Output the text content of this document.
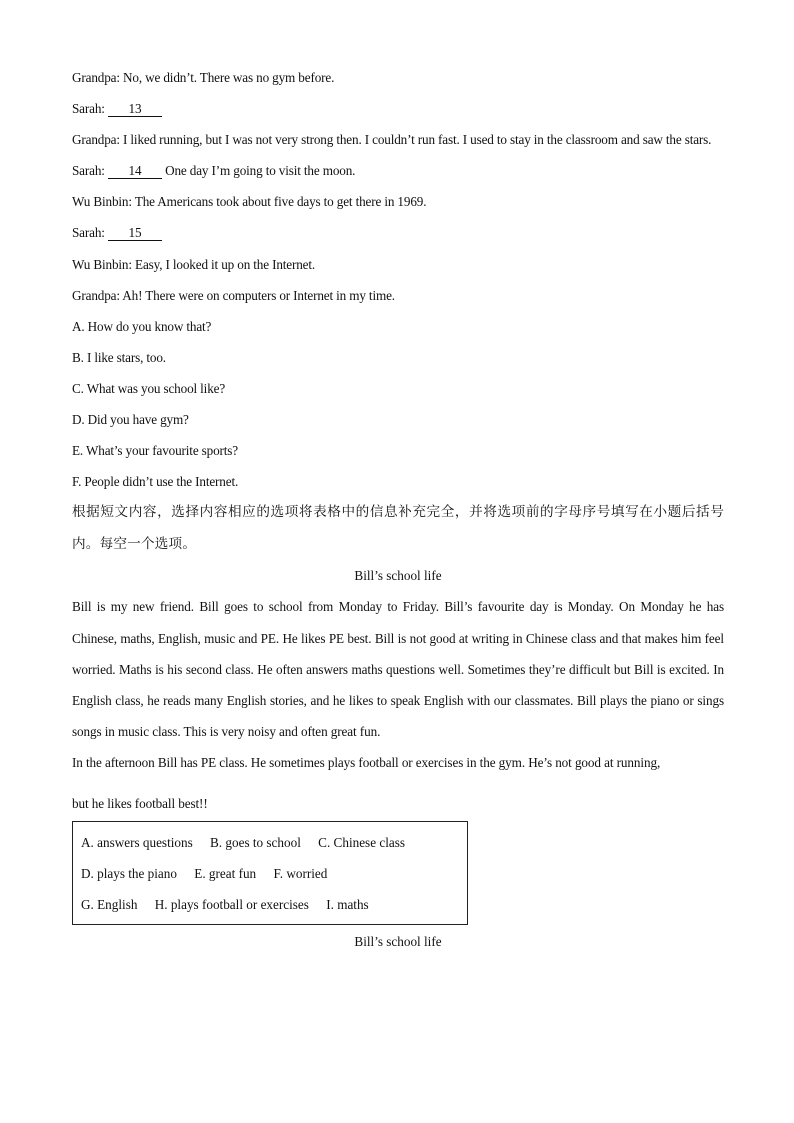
Grandpa: No, we didn’t. There was no gym before.
Sarah: 13
Grandpa: I liked running, but I was not very strong then. I couldn’t run fast. I used to stay in the classroom and saw the stars.
Sarah: 14 One day I’m going to visit the moon.
Wu Binbin: The Americans took about five days to get there in 1969.
Sarah: 15
Wu Binbin: Easy, I looked it up on the Internet.
Grandpa: Ah! There were on computers or Internet in my time.
A. How do you know that?
B. I like stars, too.
C. What was you school like?
D. Did you have gym?
E. What’s your favourite sports?
F. People didn’t use the Internet.
根据短文内容，选择内容相应的选项将表格中的信息补充完全，并将选项前的字母序号填写在小题后括号内。每空一个选项。
Bill’s school life

Bill is my new friend. Bill goes to school from Monday to Friday. Bill’s favourite day is Monday. On Monday he has Chinese, maths, English, music and PE. He likes PE best. Bill is not good at writing in Chinese class and that makes him feel worried. Maths is his second class. He often answers maths questions well. Sometimes they’re difficult but Bill is excited. In English class, he reads many English stories, and he likes to speak English with our classmates. Bill plays the piano or sings songs in music class. This is very noisy and often great fun.

In the afternoon Bill has PE class. He sometimes plays football or exercises in the gym. He’s not good at running,

but he likes football best!!

A. answers questions B. goes to school C. Chinese class
D. plays the piano E. great fun F. worried
G. English H. plays football or exercises I. maths
Bill’s school life
